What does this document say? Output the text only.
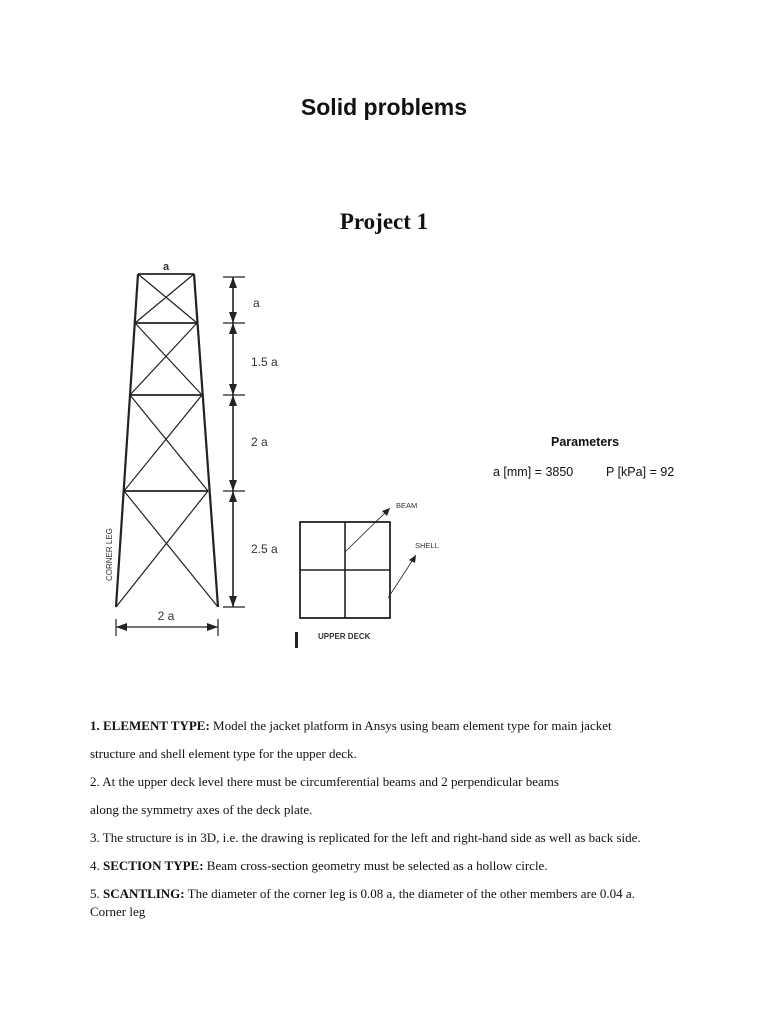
Solid problems
Project 1
a
a
1.5 a
2 a
2.5 a
2 a
CORNER LEG
BEAM
SHELL
UPPER DECK
Parameters
a [mm] = 3850	P [kPa] = 92

1. ELEMENT TYPE: Model the jacket platform in Ansys using beam element type for main jacket

structure and shell element type for the upper deck.

2. At the upper deck level there must be circumferential beams and 2 perpendicular beams

along the symmetry axes of the deck plate.

3. The structure is in 3D, i.e. the drawing is replicated for the left and right-hand side as well as back side.

4. SECTION TYPE: Beam cross-section geometry must be selected as a hollow circle.

5. SCANTLING: The diameter of the corner leg is 0.08 a, the diameter of the other members are 0.04 a.
Corner leg
